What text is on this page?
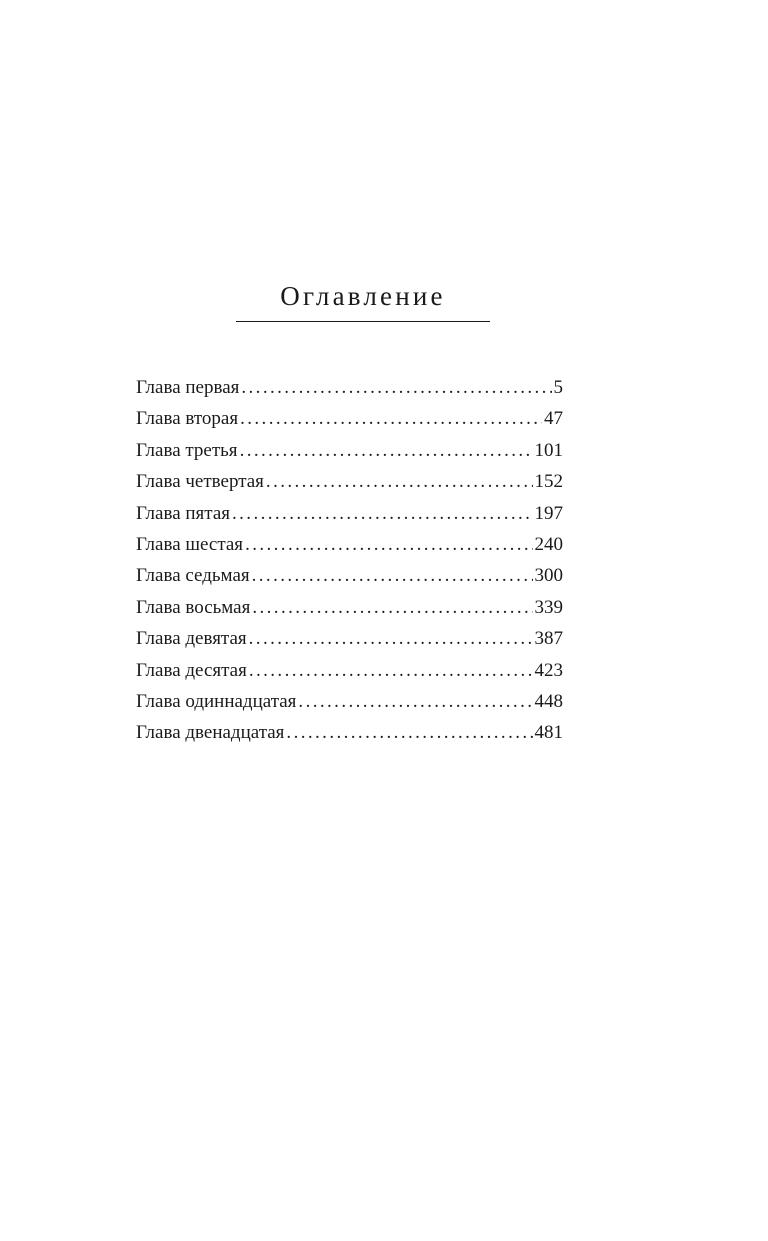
Оглавление
Глава первая .....	5
Глава вторая .....	47
Глава третья .....	101
Глава четвертая .....	152
Глава пятая .....	197
Глава шестая .....	240
Глава седьмая .....	300
Глава восьмая .....	339
Глава девятая .....	387
Глава десятая .....	423
Глава одиннадцатая .....	448
Глава двенадцатая .....	481
